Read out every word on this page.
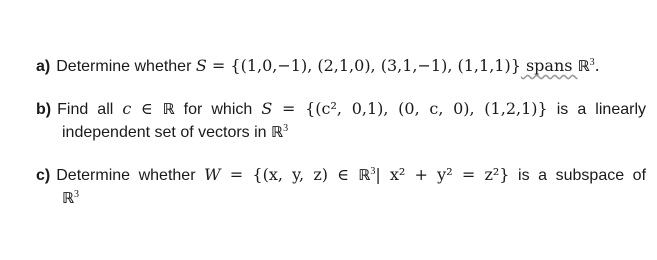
a) Determine whether S = {(1,0,−1), (2,1,0), (3,1,−1), (1,1,1)} spans ℝ$^3$.
b) Find all c ∈ ℝ for which S = {(c², 0,1), (0, c, 0), (1,2,1)} is a linearly
independent set of vectors in ℝ$^3$
c) Determine whether W = {(x, y, z) ∈ ℝ$^3$| x² + y² = z²} is a subspace of
ℝ$^3$
